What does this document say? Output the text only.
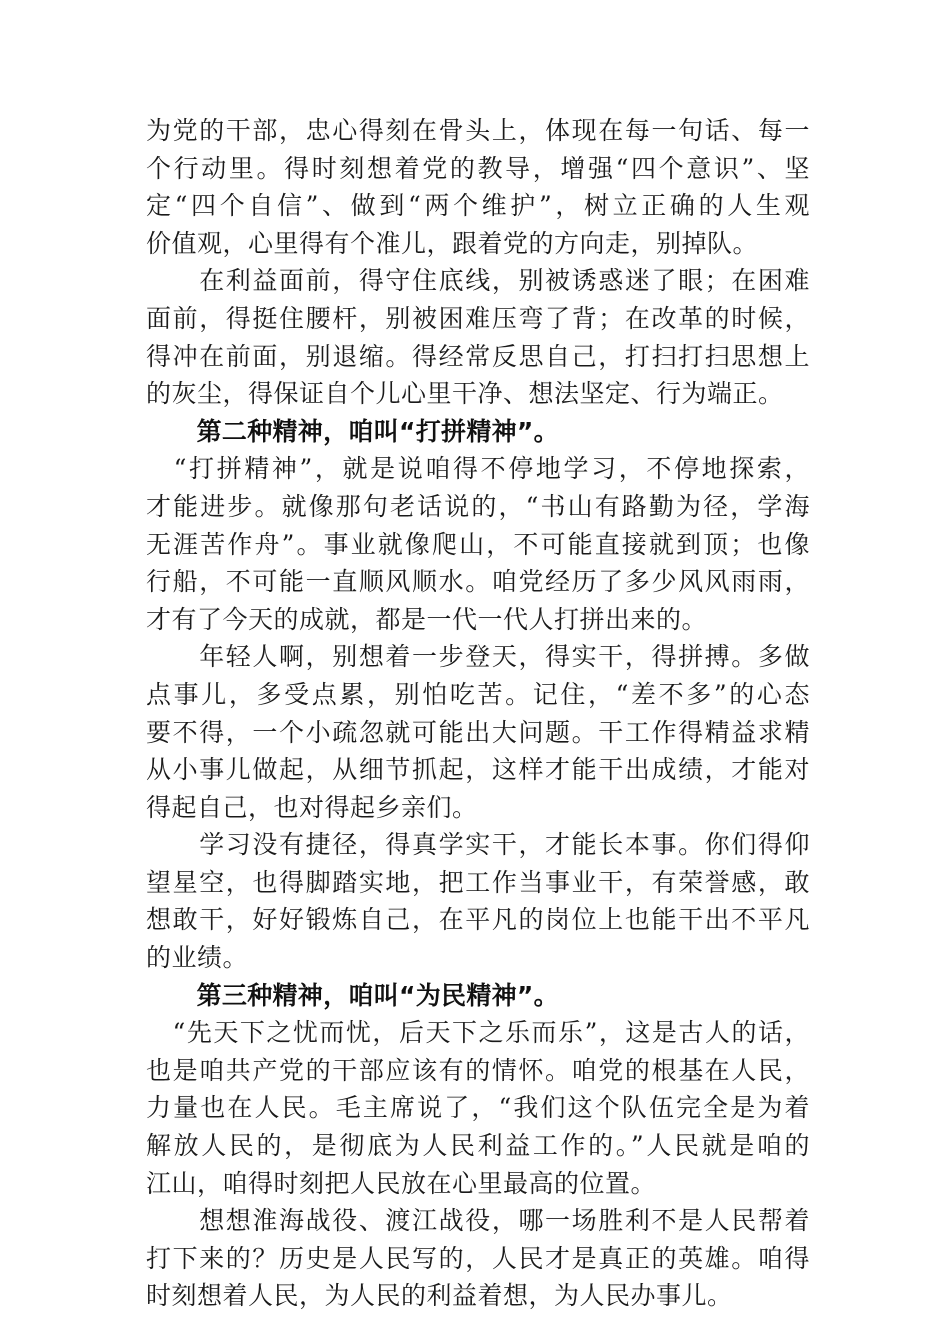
为党的干部，忠心得刻在骨头上，体现在每一句话、每一
个行动里。得时刻想着党的教导，增强“四个意识”、坚
定“四个自信”、做到“两个维护”，树立正确的人生观
价值观，心里得有个准儿，跟着党的方向走，别掉队。
　　在利益面前，得守住底线，别被诱惑迷了眼；在困难
面前，得挺住腰杆，别被困难压弯了背；在改革的时候，
得冲在前面，别退缩。得经常反思自己，打扫打扫思想上
的灰尘，得保证自个儿心里干净、想法坚定、行为端正。
　　第二种精神，咱叫“打拼精神”。
　“打拼精神”，就是说咱得不停地学习，不停地探索，
才能进步。就像那句老话说的，“书山有路勤为径，学海
无涯苦作舟”。事业就像爬山，不可能直接就到顶；也像
行船，不可能一直顺风顺水。咱党经历了多少风风雨雨，
才有了今天的成就，都是一代一代人打拼出来的。
　　年轻人啊，别想着一步登天，得实干，得拼搏。多做
点事儿，多受点累，别怕吃苦。记住，“差不多”的心态
要不得，一个小疏忽就可能出大问题。干工作得精益求精
从小事儿做起，从细节抓起，这样才能干出成绩，才能对
得起自己，也对得起乡亲们。
　　学习没有捷径，得真学实干，才能长本事。你们得仰
望星空，也得脚踏实地，把工作当事业干，有荣誉感，敢
想敢干，好好锻炼自己，在平凡的岗位上也能干出不平凡
的业绩。
　　第三种精神，咱叫“为民精神”。
　“先天下之忧而忧，后天下之乐而乐”，这是古人的话，
也是咱共产党的干部应该有的情怀。咱党的根基在人民，
力量也在人民。毛主席说了，“我们这个队伍完全是为着
解放人民的，是彻底为人民利益工作的。”人民就是咱的
江山，咱得时刻把人民放在心里最高的位置。
　　想想淮海战役、渡江战役，哪一场胜利不是人民帮着
打下来的？历史是人民写的，人民才是真正的英雄。咱得
时刻想着人民，为人民的利益着想，为人民办事儿。
